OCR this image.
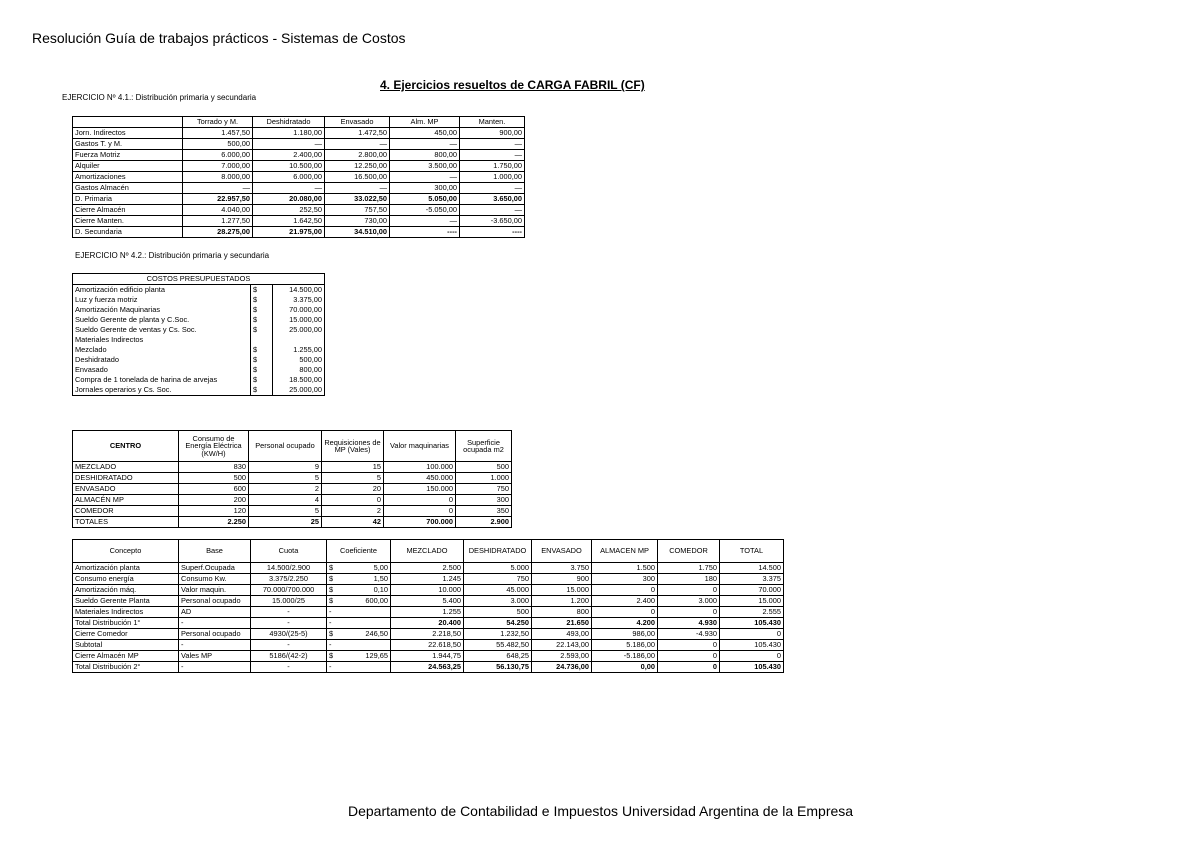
Resolución Guía de trabajos prácticos - Sistemas de Costos
4. Ejercicios resueltos de CARGA FABRIL (CF)
EJERCICIO Nº 4.1.: Distribución primaria y secundaria
	Torrado y M.	Deshidratado	Envasado	Alm. MP	Manten.
Jorn. Indirectos	1.457,50	1.180,00	1.472,50	450,00	900,00
Gastos T. y M.	500,00	—	—	—	—
Fuerza Motriz	6.000,00	2.400,00	2.800,00	800,00	—
Alquiler	7.000,00	10.500,00	12.250,00	3.500,00	1.750,00
Amortizaciones	8.000,00	6.000,00	16.500,00	—	1.000,00
Gastos Almacén	—	—	—	300,00	—
D. Primaria	22.957,50	20.080,00	33.022,50	5.050,00	3.650,00
Cierre Almacén	4.040,00	252,50	757,50	-5.050,00	—
Cierre Manten.	1.277,50	1.642,50	730,00	—	-3.650,00
D. Secundaria	28.275,00	21.975,00	34.510,00	----	----
EJERCICIO Nº 4.2.: Distribución primaria y secundaria
COSTOS PRESUPUESTADOS		
Amortización edificio planta	$	14.500,00
Luz y fuerza motriz	$	3.375,00
Amortización Maquinarias	$	70.000,00
Sueldo Gerente de planta y C.Soc.	$	15.000,00
Sueldo Gerente de ventas y Cs. Soc.	$	25.000,00
Materiales Indirectos		
Mezclado	$	1.255,00
Deshidratado	$	500,00
Envasado	$	800,00
Compra de 1 tonelada de harina de arvejas	$	18.500,00
Jornales operarios y Cs. Soc.	$	25.000,00
CENTRO	Consumo de Energía Eléctrica (KW/H)	Personal ocupado	Requisiciones de MP (Vales)	Valor maquinarias	Superficie ocupada m2
MEZCLADO	830	9	15	100.000	500
DESHIDRATADO	500	5	5	450.000	1.000
ENVASADO	600	2	20	150.000	750
ALMACÉN MP	200	4	0	0	300
COMEDOR	120	5	2	0	350
TOTALES	2.250	25	42	700.000	2.900
Concepto	Base	Cuota	Coeficiente	MEZCLADO	DESHIDRATADO	ENVASADO	ALMACEN MP	COMEDOR	TOTAL
Amortización planta	Superf.Ocupada	14.500/2.900	$ 5,00	2.500	5.000	3.750	1.500	1.750	14.500
Consumo energía	Consumo Kw.	3.375/2.250	$ 1,50	1.245	750	900	300	180	3.375
Amortización máq.	Valor maquin.	70.000/700.000	$ 0,10	10.000	45.000	15.000	0	0	70.000
Sueldo Gerente Planta	Personal ocupado	15.000/25	$ 600,00	5.400	3.000	1.200	2.400	3.000	15.000
Materiales Indirectos	AD	-	-	1.255	500	800	0	0	2.555
Total Distribución 1°	-	-	-	20.400	54.250	21.650	4.200	4.930	105.430
Cierre Comedor	Personal ocupado	4930/(25-5)	$ 246,50	2.218,50	1.232,50	493,00	986,00	-4.930	0
Subtotal	-	-	-	22.618,50	55.482,50	22.143,00	5.186,00	0	105.430
Cierre Almacén MP	Vales MP	5186/(42-2)	$ 129,65	1.944,75	648,25	2.593,00	-5.186,00	0	0
Total Distribución 2°	-	-	-	24.563,25	56.130,75	24.736,00	0,00	0	105.430
Departamento de Contabilidad e Impuestos Universidad Argentina de la Empresa
